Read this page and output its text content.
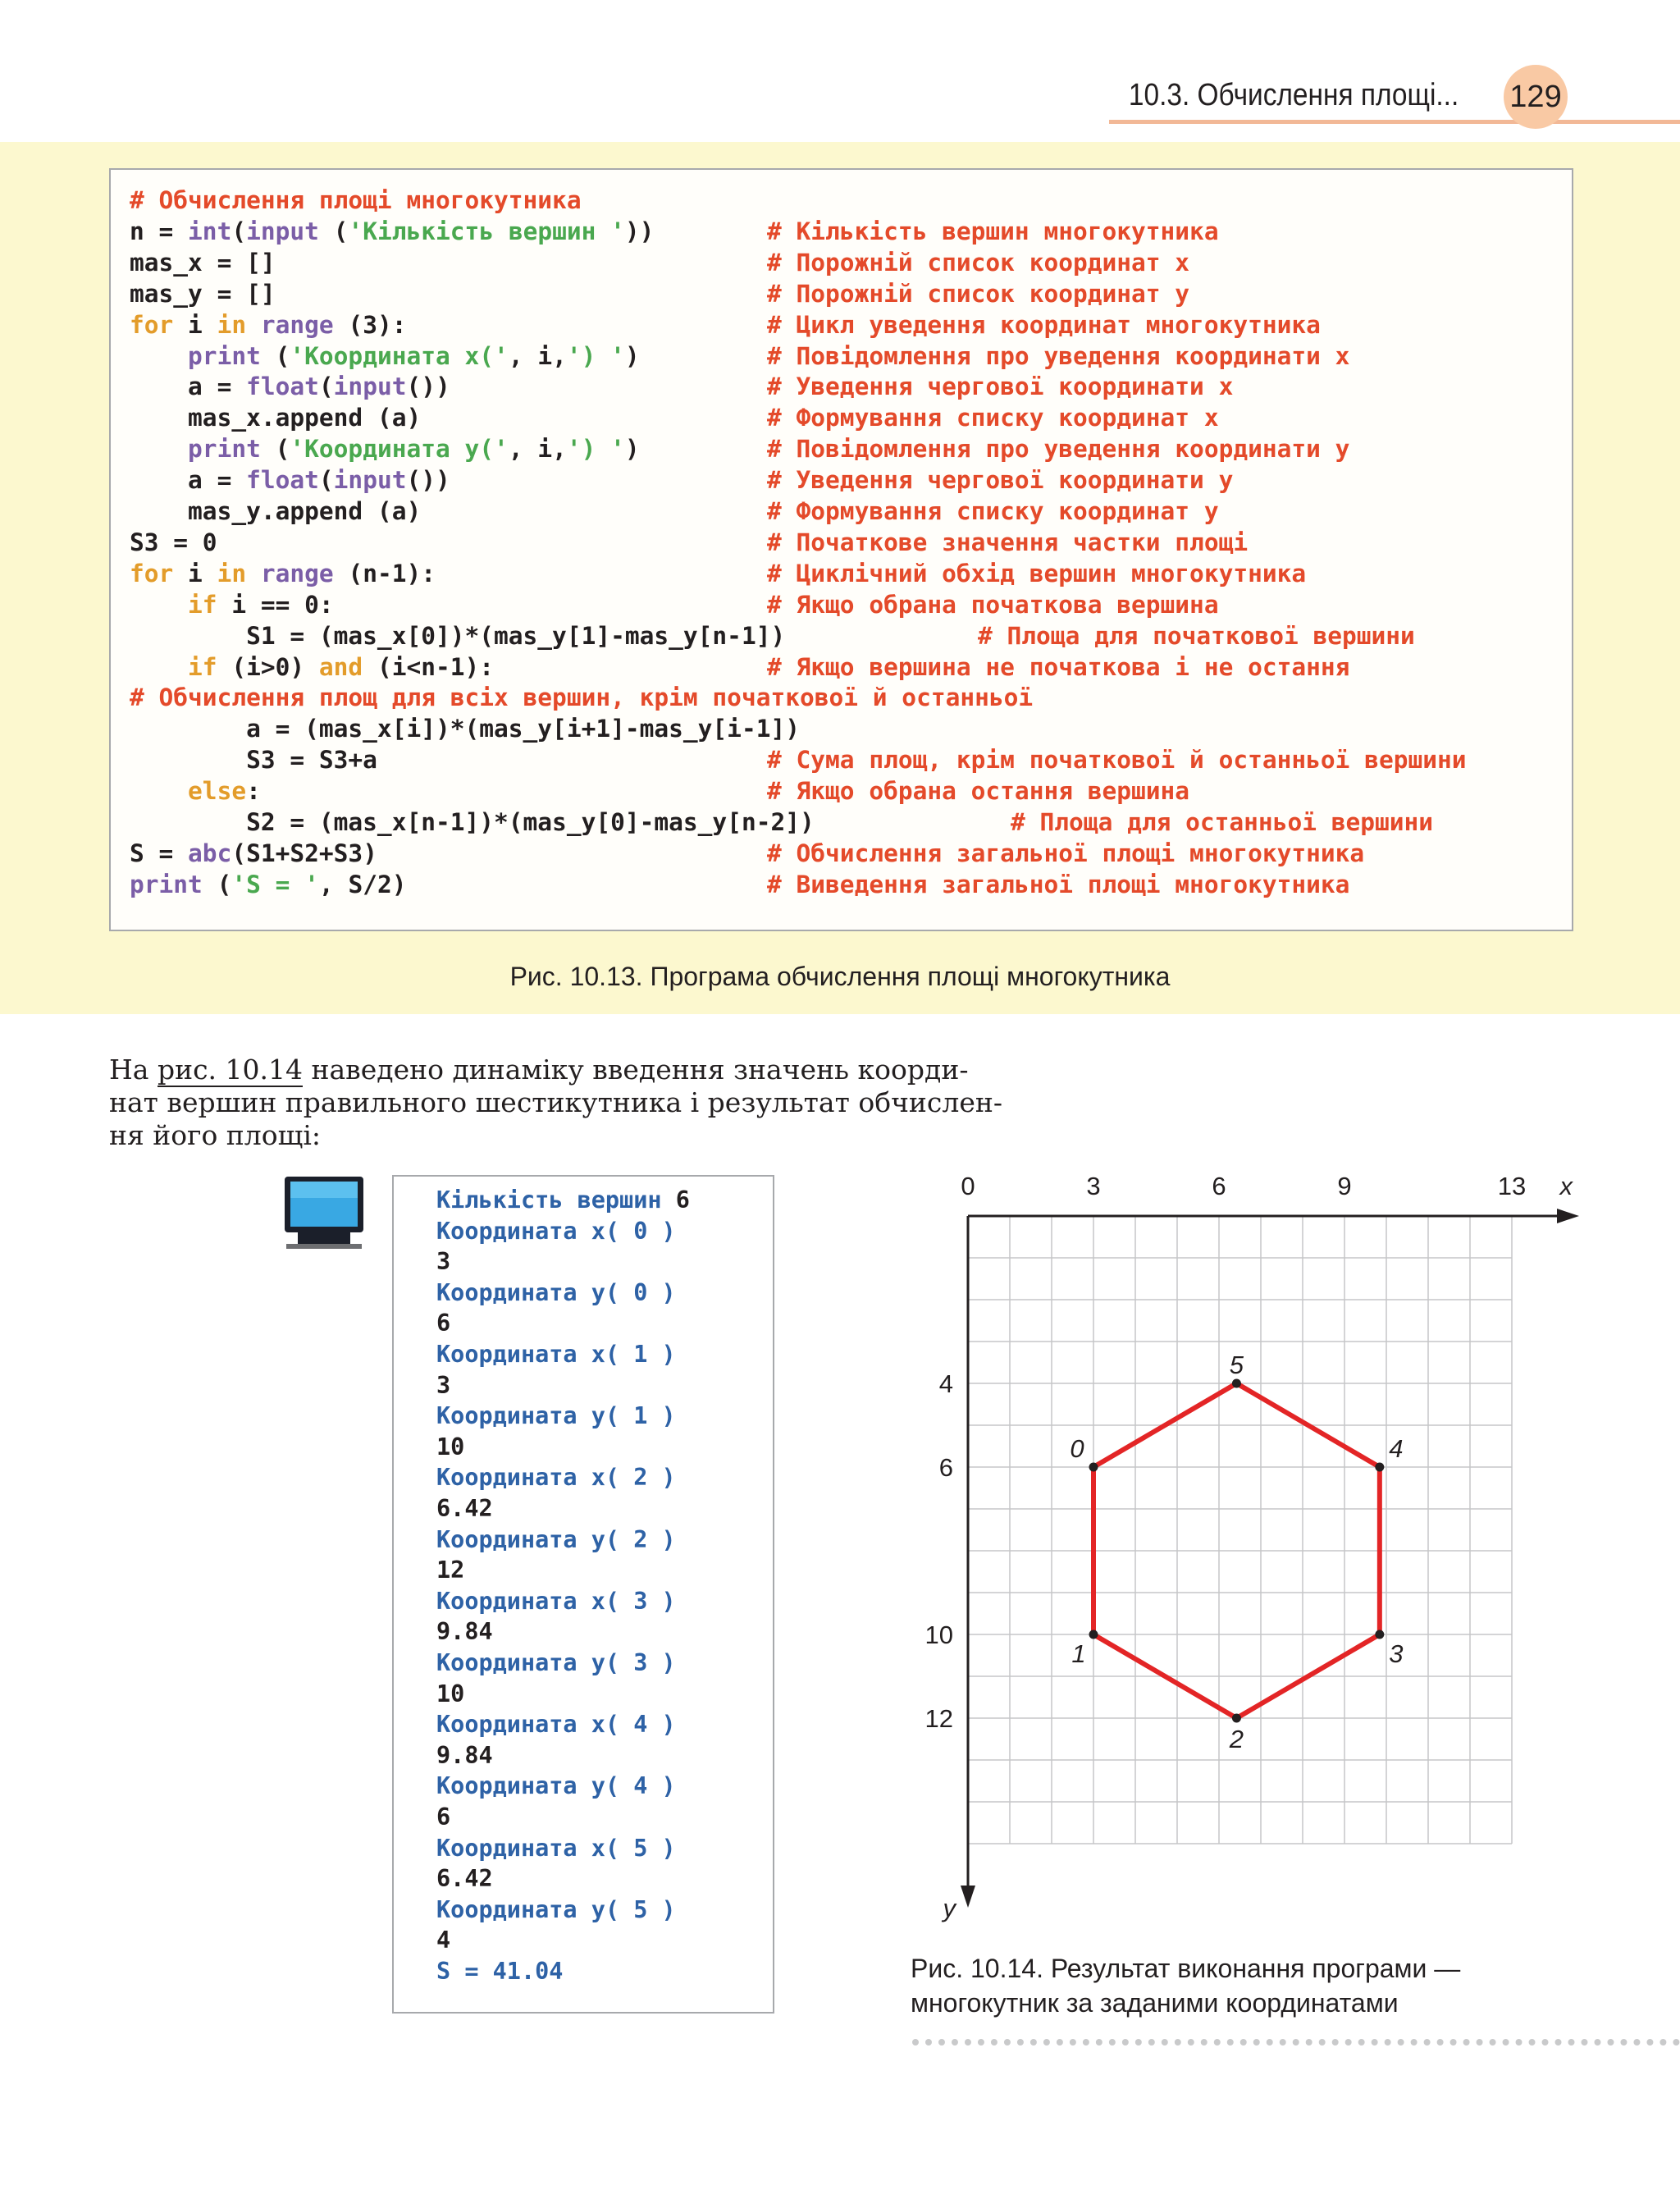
10.3. Обчислення площі... 129
# Обчислення площі многокутника
n = int(input ('Кількість вершин '))	# Кількість вершин многокутника
mas_x = []	# Порожній список координат x
mas_y = []	# Порожній список координат y
for i in range (3):	# Цикл уведення координат многокутника
print ('Координата x(', i,') ')	# Повідомлення про уведення координати x
a = float(input())	# Уведення чергової координати x
mas_x.append (a)	# Формування списку координат x
print ('Координата y(', i,') ')	# Повідомлення про уведення координати y
a = float(input())	# Уведення чергової координати y
mas_y.append (a)	# Формування списку координат y
S3 = 0	# Початкове значення частки площі
for i in range (n-1):	# Циклічний обхід вершин многокутника
if i == 0:	# Якщо обрана початкова вершина
S1 = (mas_x[0])*(mas_y[1]-mas_y[n-1])	# Площа для початкової вершини
if (i>0) and (i<n-1):	# Якщо вершина не початкова і не остання
# Обчислення площ для всіх вершин, крім початкової й останньої
a = (mas_x[i])*(mas_y[i+1]-mas_y[i-1])
S3 = S3+a	# Сума площ, крім початкової й останньої вершини
else:	# Якщо обрана остання вершина
S2 = (mas_x[n-1])*(mas_y[0]-mas_y[n-2])	# Площа для останньої вершини
S = abc(S1+S2+S3)	# Обчислення загальної площі многокутника
print ('S = ', S/2)	# Виведення загальної площі многокутника
Рис. 10.13. Програма обчислення площі многокутника
На рис. 10.14 наведено динаміку введення значень коорди-
нат вершин правильного шестикутника і результат обчислен-
ня його площі:
Кількість вершин 6
Координата x( 0 )
3
Координата y( 0 )
6
Координата x( 1 )
3
Координата y( 1 )
10
Координата x( 2 )
6.42
Координата y( 2 )
12
Координата x( 3 )
9.84
Координата y( 3 )
10
Координата x( 4 )
9.84
Координата y( 4 )
6
Координата x( 5 )
6.42
Координата y( 5 )
4
S = 41.04
0	3	6	9	13
4
6
10
12
x
y
0
1
2
3
4
5
Рис. 10.14. Результат виконання програми —
многокутник за заданими координатами
